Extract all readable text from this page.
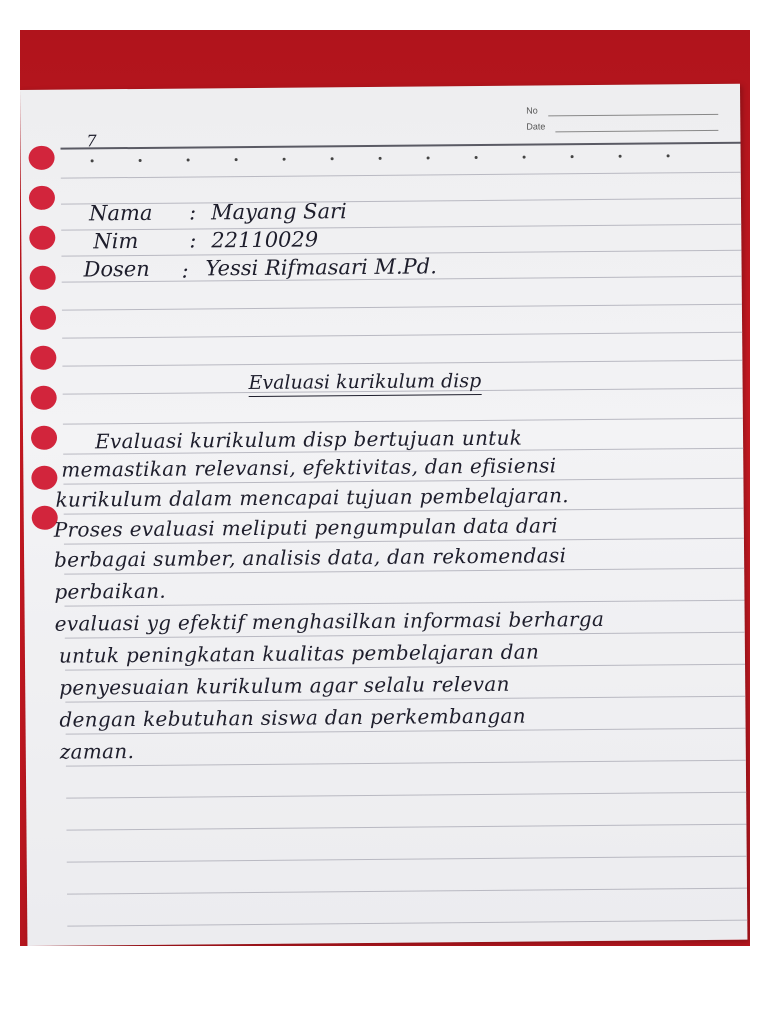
No
Date
7
Nama : Mayang Sari
Nim : 22110029
Dosen : Yessi Rifmasari M.Pd.
Evaluasi kurikulum disp
Evaluasi kurikulum disp bertujuan untuk
memastikan relevansi, efektivitas, dan efisiensi
kurikulum dalam mencapai tujuan pembelajaran.
Proses evaluasi meliputi pengumpulan data dari
berbagai sumber, analisis data, dan rekomendasi
perbaikan.
evaluasi yg efektif menghasilkan informasi berharga
untuk peningkatan kualitas pembelajaran dan
penyesuaian kurikulum agar selalu relevan
dengan kebutuhan siswa dan perkembangan
zaman.
